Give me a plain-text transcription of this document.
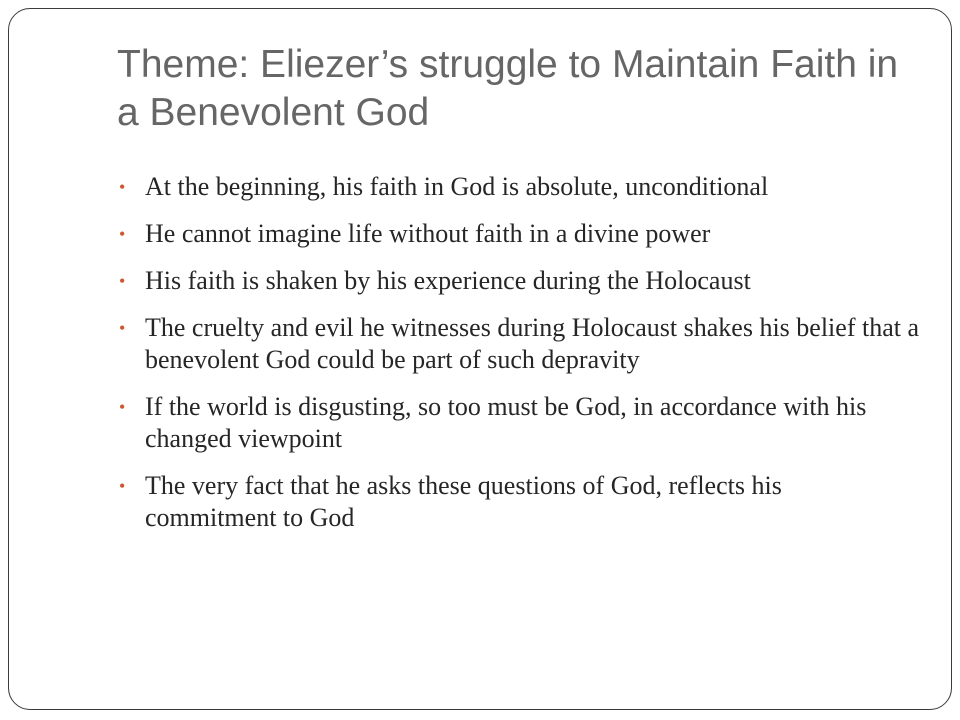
Theme: Eliezer’s struggle to Maintain Faith in a Benevolent God
• At the beginning, his faith in God is absolute, unconditional
• He cannot imagine life without faith in a divine power
• His faith is shaken by his experience during the Holocaust
• The cruelty and evil he witnesses during Holocaust shakes his belief that a benevolent God could be part of such depravity
• If the world is disgusting, so too must be God, in accordance with his changed viewpoint
• The very fact that he asks these questions of God, reflects his commitment to God
